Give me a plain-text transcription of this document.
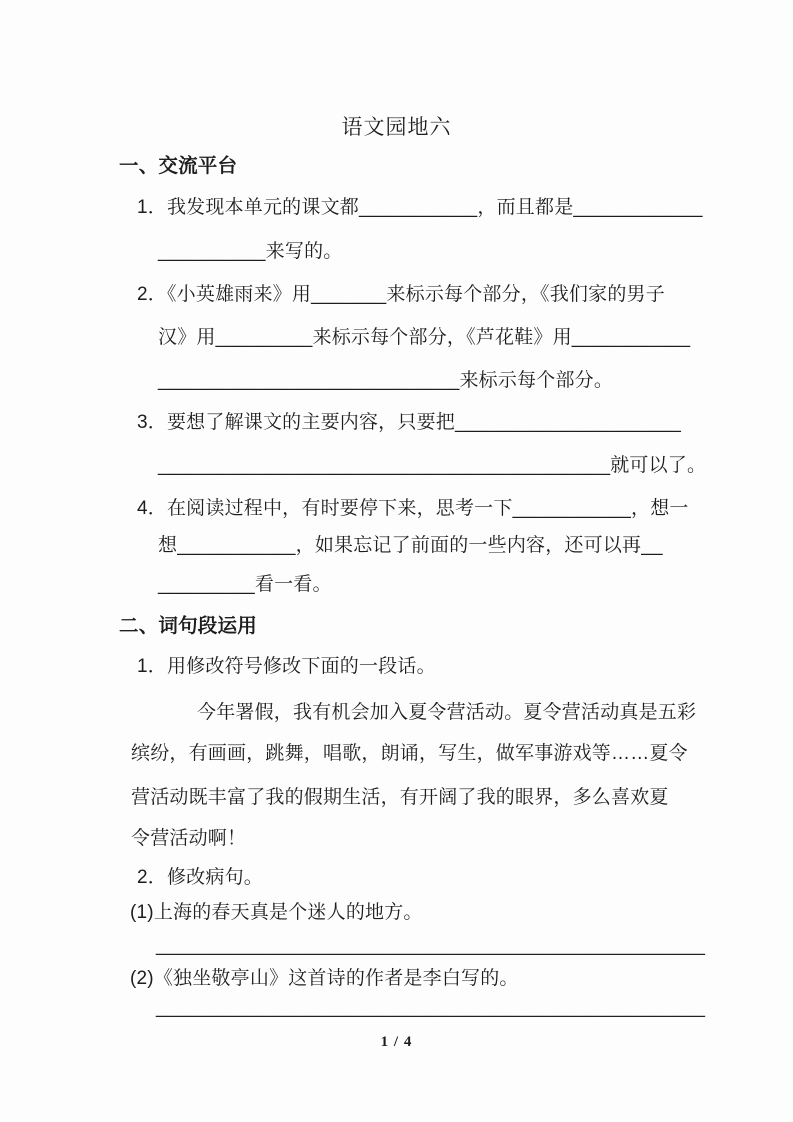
语文园地六
一、交流平台
1．我发现本单元的课文都___________，而且都是____________
__________来写的。
2．《小英雄雨来》用_______来标示每个部分，《我们家的男子
汉》用_________来标示每个部分，《芦花鞋》用___________
____________________________来标示每个部分。
3．要想了解课文的主要内容，只要把_____________________
__________________________________________就可以了。
4．在阅读过程中，有时要停下来，思考一下___________，想一
想___________，如果忘记了前面的一些内容，还可以再__
_________看一看。
二、词句段运用
1．用修改符号修改下面的一段话。
今年署假，我有机会加入夏令营活动。夏令营活动真是五彩
缤纷，有画画，跳舞，唱歌，朗诵，写生，做军事游戏等……夏令
营活动既丰富了我的假期生活，有开阔了我的眼界，多么喜欢夏
令营活动啊！
2．修改病句。
(1)上海的春天真是个迷人的地方。
___________________________________________________
(2)《独坐敬亭山》这首诗的作者是李白写的。
___________________________________________________
1 / 4
